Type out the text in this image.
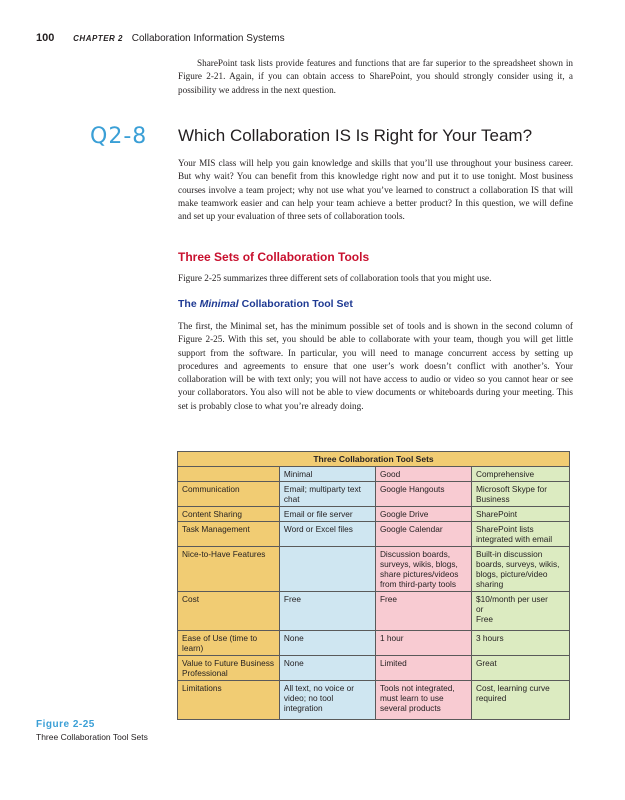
100 CHAPTER 2 Collaboration Information Systems

SharePoint task lists provide features and functions that are far superior to the spreadsheet shown in Figure 2-21. Again, if you can obtain access to SharePoint, you should strongly consider using it, a possibility we address in the next question.

Q2-8 Which Collaboration IS Is Right for Your Team?

Your MIS class will help you gain knowledge and skills that you’ll use throughout your business career. But why wait? You can benefit from this knowledge right now and put it to use tonight. Most business courses involve a team project; why not use what you’ve learned to construct a collaboration IS that will make teamwork easier and can help your team achieve a better product? In this question, we will define and set up your evaluation of three sets of collaboration tools.

Three Sets of Collaboration Tools

Figure 2-25 summarizes three different sets of collaboration tools that you might use.

The Minimal Collaboration Tool Set

The first, the Minimal set, has the minimum possible set of tools and is shown in the second column of Figure 2-25. With this set, you should be able to collaborate with your team, though you will get little support from the software. In particular, you will need to manage concurrent access by setting up procedures and agreements to ensure that one user’s work doesn’t conflict with another’s. Your collaboration will be with text only; you will not have access to audio or video so you cannot hear or see your collaborators. You also will not be able to view documents or whiteboards during your meeting. This set is probably close to what you’re already doing.

Three Collaboration Tool Sets			
	Minimal	Good	Comprehensive
Communication	Email; multiparty text chat	Google Hangouts	Microsoft Skype for Business
Content Sharing	Email or file server	Google Drive	SharePoint
Task Management	Word or Excel files	Google Calendar	SharePoint lists integrated with email
Nice-to-Have Features		Discussion boards, surveys, wikis, blogs, share pictures/videos from third-party tools	Built-in discussion boards, surveys, wikis, blogs, picture/video sharing
Cost	Free	Free	$10/month per user
or
Free
Ease of Use (time to learn)	None	1 hour	3 hours
Value to Future Business Professional	None	Limited	Great
Limitations	All text, no voice or video; no tool integration	Tools not integrated, must learn to use several products	Cost, learning curve required
Figure 2-25
Three Collaboration Tool Sets
